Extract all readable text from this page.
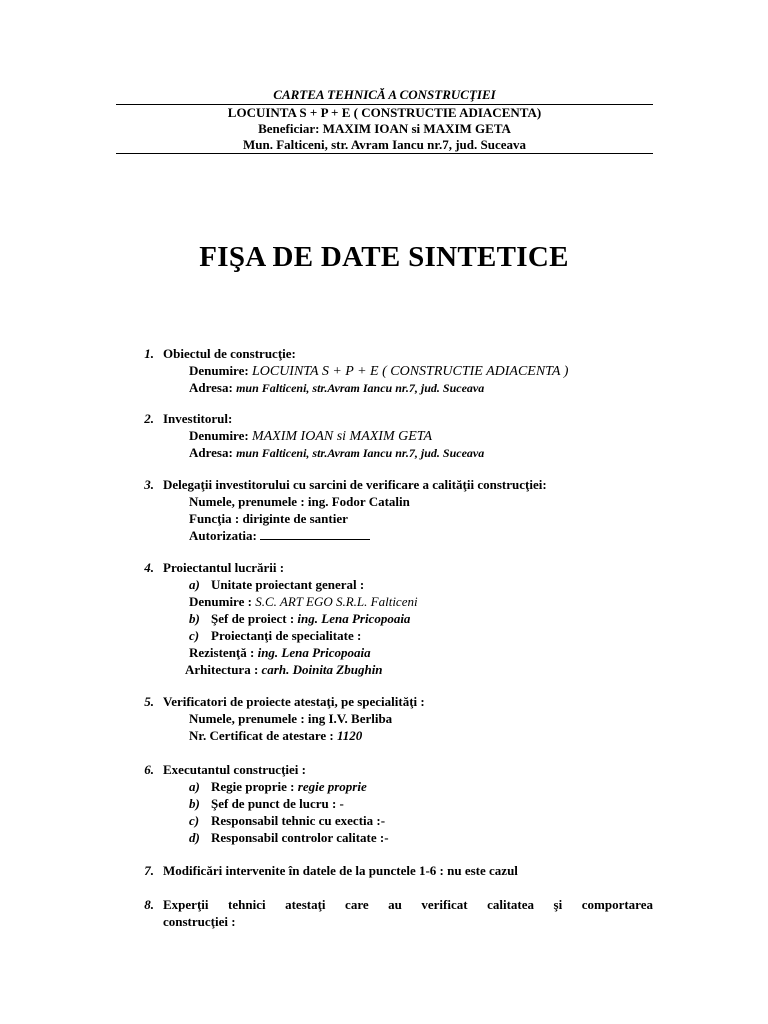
CARTEA TEHNICĂ A CONSTRUCŢIEI
LOCUINTA S + P + E ( CONSTRUCTIE ADIACENTA)
Beneficiar: MAXIM IOAN si MAXIM GETA
Mun. Falticeni, str. Avram Iancu nr.7, jud. Suceava
FIŞA DE DATE SINTETICE
1. Obiectul de construcţie:
Denumire: LOCUINTA S + P + E ( CONSTRUCTIE ADIACENTA )
Adresa: mun Falticeni, str.Avram Iancu nr.7, jud. Suceava
2. Investitorul:
Denumire: MAXIM IOAN si MAXIM GETA
Adresa: mun Falticeni, str.Avram Iancu nr.7, jud. Suceava
3. Delegaţii investitorului cu sarcini de verificare a calităţii construcţiei:
Numele, prenumele : ing. Fodor Catalin
Funcţia : diriginte de santier
Autorizatia:
4. Proiectantul lucrării :
a) Unitate proiectant general :
Denumire : S.C. ART EGO S.R.L. Falticeni
b) Şef de proiect : ing. Lena Pricopoaia
c) Proiectanţi de specialitate :
Rezistenţă : ing. Lena Pricopoaia
Arhitectura : carh. Doinita Zbughin
5. Verificatori de proiecte atestaţi, pe specialităţi :
Numele, prenumele : ing I.V. Berliba
Nr. Certificat de atestare : 1120
6. Executantul construcţiei :
a) Regie proprie : regie proprie
b) Şef de punct de lucru : -
c) Responsabil tehnic cu exectia :-
d) Responsabil controlor calitate :-
7. Modificări intervenite în datele de la punctele 1-6 : nu este cazul
8. Experţii tehnici atestaţi care au verificat calitatea şi comportarea
construcţiei :
